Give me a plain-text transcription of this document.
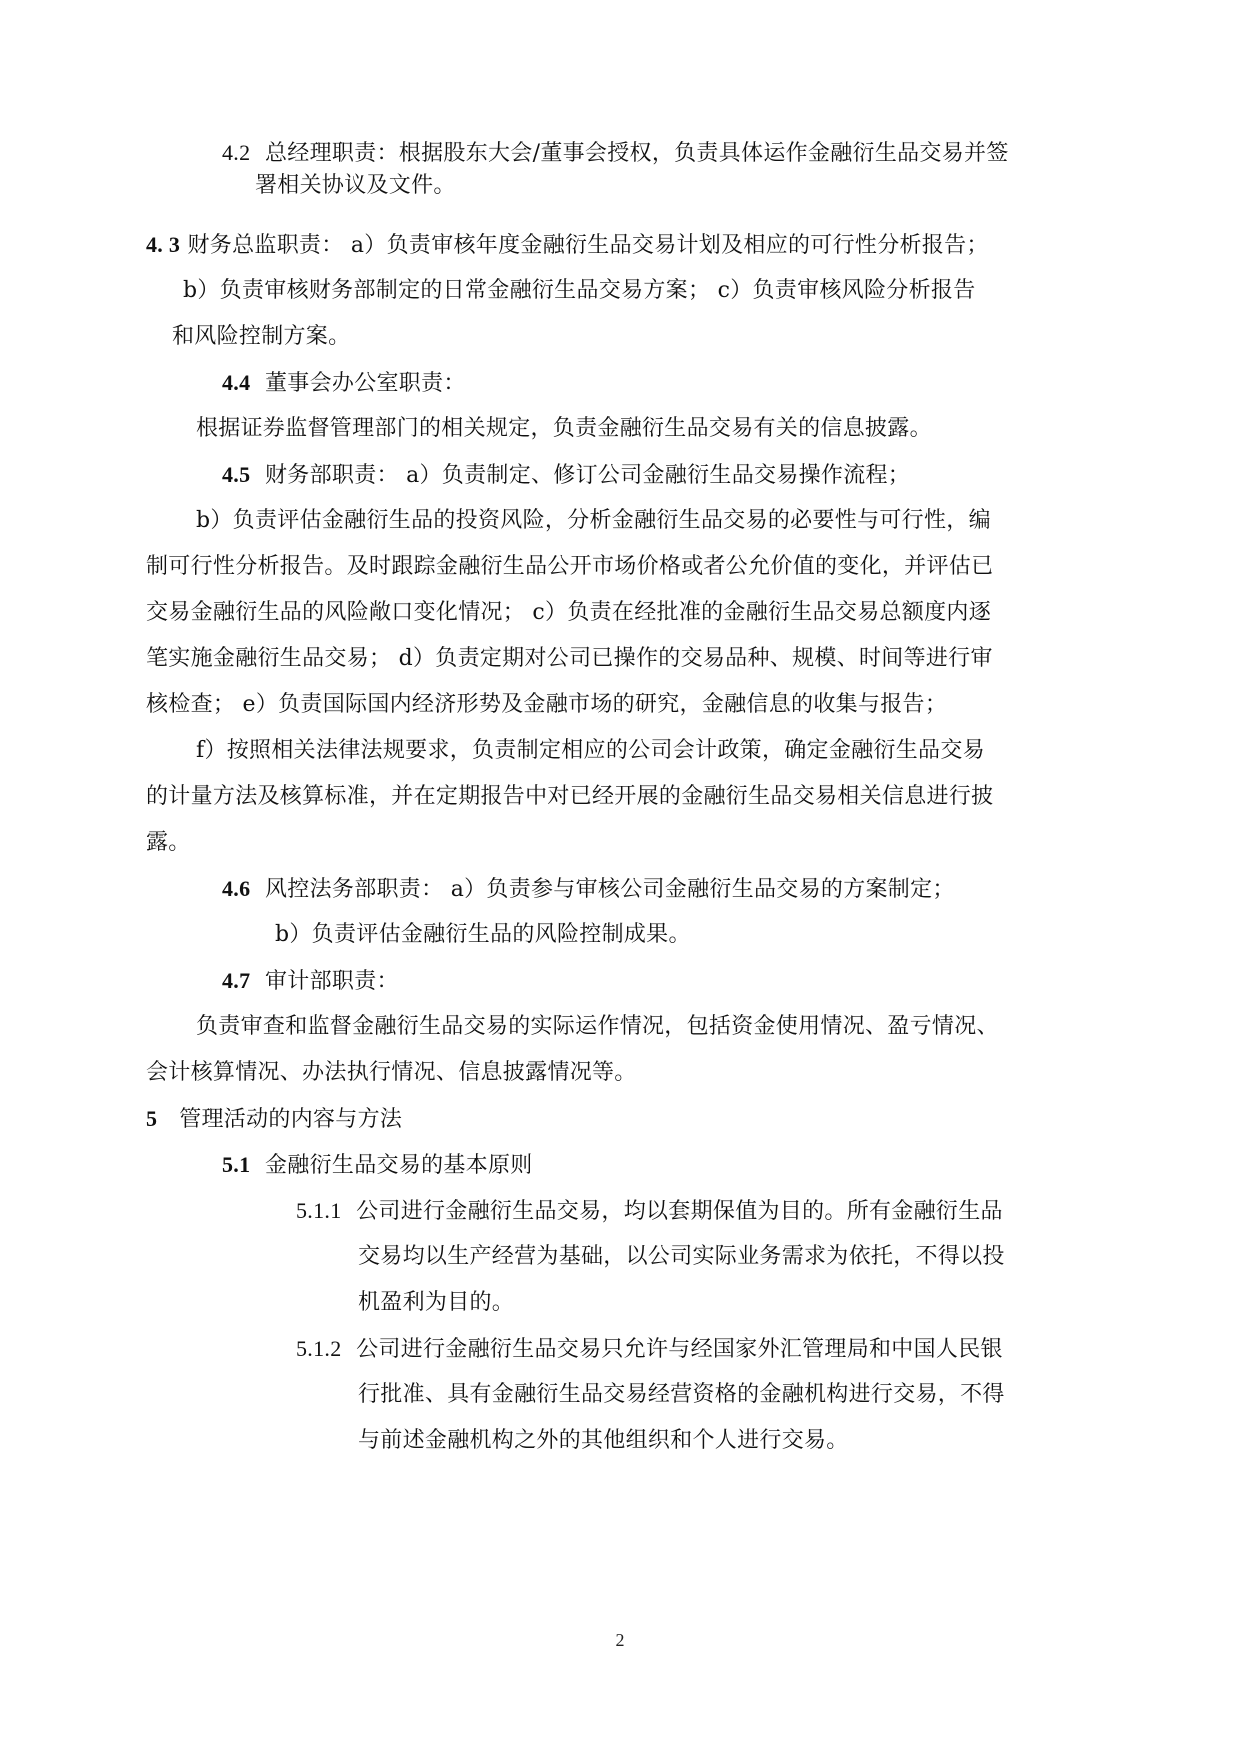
4.2 总经理职责：根据股东大会/董事会授权，负责具体运作金融衍生品交易并签
署相关协议及文件。
4. 3 财务总监职责： a）负责审核年度金融衍生品交易计划及相应的可行性分析报告；
b）负责审核财务部制定的日常金融衍生品交易方案； c）负责审核风险分析报告
和风险控制方案。
4.4 董事会办公室职责：
根据证券监督管理部门的相关规定，负责金融衍生品交易有关的信息披露。
4.5 财务部职责： a）负责制定、修订公司金融衍生品交易操作流程；
b）负责评估金融衍生品的投资风险，分析金融衍生品交易的必要性与可行性，编
制可行性分析报告。及时跟踪金融衍生品公开市场价格或者公允价值的变化，并评估已
交易金融衍生品的风险敞口变化情况； c）负责在经批准的金融衍生品交易总额度内逐
笔实施金融衍生品交易； d）负责定期对公司已操作的交易品种、规模、时间等进行审
核检查； e）负责国际国内经济形势及金融市场的研究，金融信息的收集与报告；
f）按照相关法律法规要求，负责制定相应的公司会计政策，确定金融衍生品交易
的计量方法及核算标准，并在定期报告中对已经开展的金融衍生品交易相关信息进行披
露。
4.6 风控法务部职责： a）负责参与审核公司金融衍生品交易的方案制定；
b）负责评估金融衍生品的风险控制成果。
4.7 审计部职责：
负责审查和监督金融衍生品交易的实际运作情况，包括资金使用情况、盈亏情况、
会计核算情况、办法执行情况、信息披露情况等。
5 管理活动的内容与方法
5.1 金融衍生品交易的基本原则
5.1.1 公司进行金融衍生品交易，均以套期保值为目的。所有金融衍生品
交易均以生产经营为基础，以公司实际业务需求为依托，不得以投
机盈利为目的。
5.1.2 公司进行金融衍生品交易只允许与经国家外汇管理局和中国人民银
行批准、具有金融衍生品交易经营资格的金融机构进行交易，不得
与前述金融机构之外的其他组织和个人进行交易。
2
